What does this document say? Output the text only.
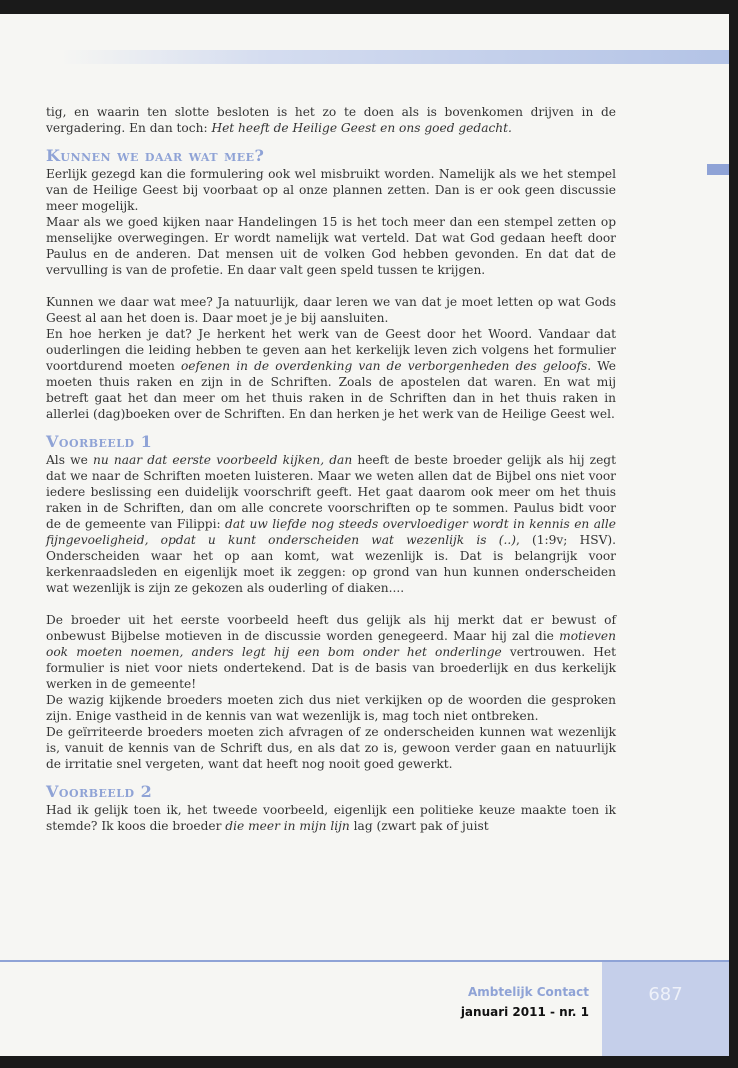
tig, en waarin ten slotte besloten is het zo te doen als is bovenkomen drijven in de vergadering. En dan toch: Het heeft de Heilige Geest en ons goed gedacht.

Kunnen we daar wat mee?

Eerlijk gezegd kan die formulering ook wel misbruikt worden. Namelijk als we het stempel van de Heilige Geest bij voorbaat op al onze plannen zetten. Dan is er ook geen discussie meer mogelijk.

Maar als we goed kijken naar Handelingen 15 is het toch meer dan een stempel zetten op menselijke overwegingen. Er wordt namelijk wat verteld. Dat wat God gedaan heeft door Paulus en de anderen. Dat mensen uit de volken God hebben gevonden. En dat dat de vervulling is van de profetie. En daar valt geen speld tussen te krijgen.

Kunnen we daar wat mee? Ja natuurlijk, daar leren we van dat je moet letten op wat Gods Geest al aan het doen is. Daar moet je je bij aansluiten.

En hoe herken je dat? Je herkent het werk van de Geest door het Woord. Vandaar dat ouderlingen die leiding hebben te geven aan het kerkelijk leven zich volgens het formulier voortdurend moeten oefenen in de overdenking van de verborgenheden des geloofs. We moeten thuis raken en zijn in de Schriften. Zoals de apostelen dat waren. En wat mij betreft gaat het dan meer om het thuis raken in de Schriften dan in het thuis raken in allerlei (dag)boeken over de Schriften. En dan herken je het werk van de Heilige Geest wel.

Voorbeeld 1

Als we nu naar dat eerste voorbeeld kijken, dan heeft de beste broeder gelijk als hij zegt dat we naar de Schriften moeten luisteren. Maar we weten allen dat de Bijbel ons niet voor iedere beslissing een duidelijk voorschrift geeft. Het gaat daarom ook meer om het thuis raken in de Schriften, dan om alle concrete voorschriften op te sommen. Paulus bidt voor de de gemeente van Filippi: dat uw liefde nog steeds overvloediger wordt in kennis en alle fijngevoeligheid, opdat u kunt onderscheiden wat wezenlijk is (..), (1:9v; HSV). Onderscheiden waar het op aan komt, wat wezenlijk is. Dat is belangrijk voor kerkenraadsleden en eigenlijk moet ik zeggen: op grond van hun kunnen onderscheiden wat wezenlijk is zijn ze gekozen als ouderling of diaken....

De broeder uit het eerste voorbeeld heeft dus gelijk als hij merkt dat er bewust of onbewust Bijbelse motieven in de discussie worden genegeerd. Maar hij zal die motieven ook moeten noemen, anders legt hij een bom onder het onderlinge vertrouwen. Het formulier is niet voor niets ondertekend. Dat is de basis van broederlijk en dus kerkelijk werken in de gemeente!

De wazig kijkende broeders moeten zich dus niet verkijken op de woorden die gesproken zijn. Enige vastheid in de kennis van wat wezenlijk is, mag toch niet ontbreken.

De geïrriteerde broeders moeten zich afvragen of ze onderscheiden kunnen wat wezenlijk is, vanuit de kennis van de Schrift dus, en als dat zo is, gewoon verder gaan en natuurlijk de irritatie snel vergeten, want dat heeft nog nooit goed gewerkt.

Voorbeeld 2

Had ik gelijk toen ik, het tweede voorbeeld, eigenlijk een politieke keuze maakte toen ik stemde? Ik koos die broeder die meer in mijn lijn lag (zwart pak of juist

Ambtelijk Contact
januari 2011 - nr. 1
687
